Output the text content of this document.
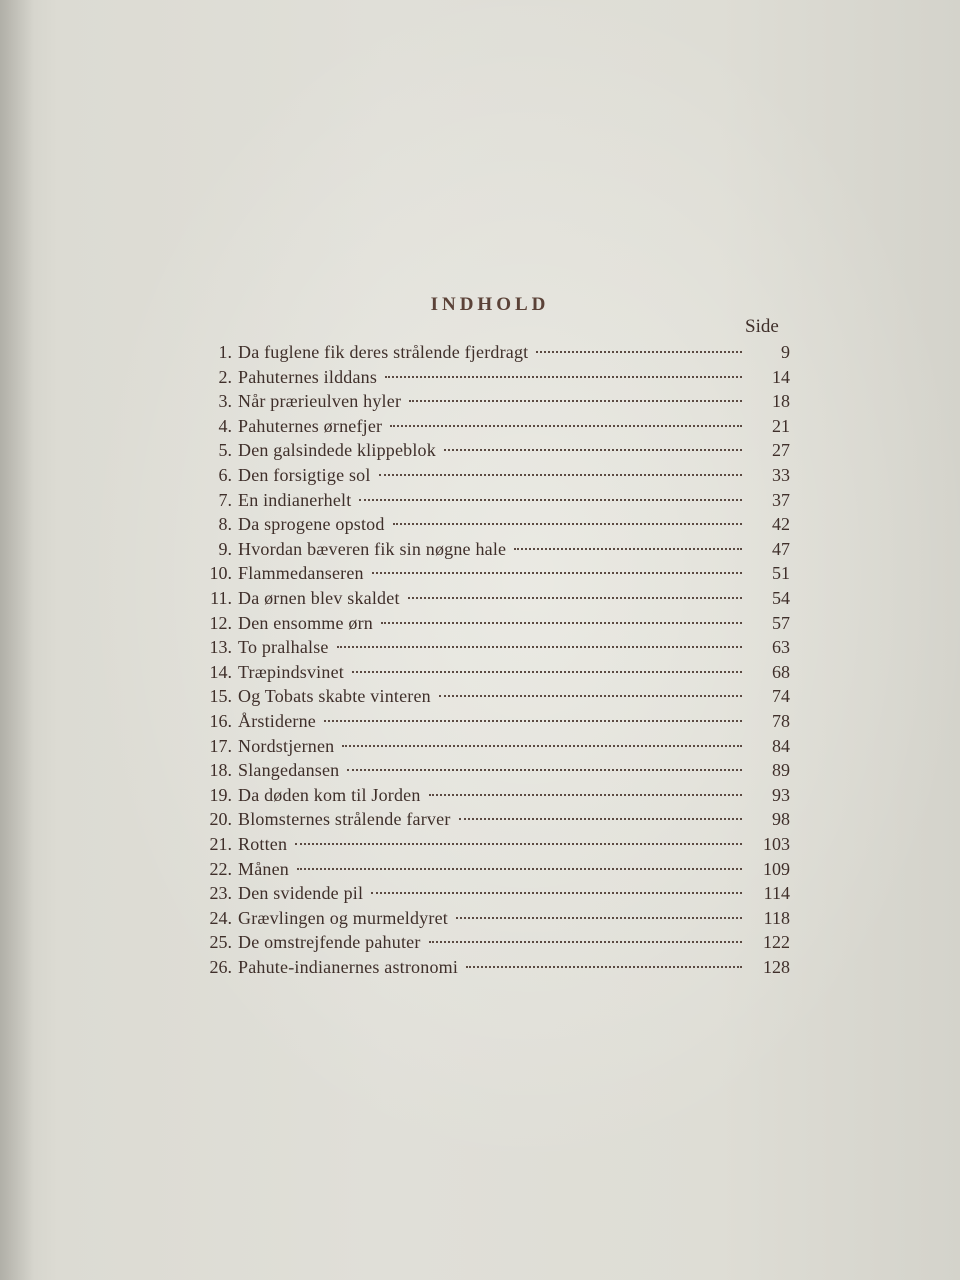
INDHOLD
Side
1. Da fuglene fik deres strålende fjerdragt	9
2. Pahuternes ilddans	14
3. Når prærieulven hyler	18
4. Pahuternes ørnefjer	21
5. Den galsindede klippeblok	27
6. Den forsigtige sol	33
7. En indianerhelt	37
8. Da sprogene opstod	42
9. Hvordan bæveren fik sin nøgne hale	47
10. Flammedanseren	51
11. Da ørnen blev skaldet	54
12. Den ensomme ørn	57
13. To pralhalse	63
14. Træpindsvinet	68
15. Og Tobats skabte vinteren	74
16. Årstiderne	78
17. Nordstjernen	84
18. Slangedansen	89
19. Da døden kom til Jorden	93
20. Blomsternes strålende farver	98
21. Rotten	103
22. Månen	109
23. Den svidende pil	114
24. Grævlingen og murmeldyret	118
25. De omstrejfende pahuter	122
26. Pahute-indianernes astronomi	128
